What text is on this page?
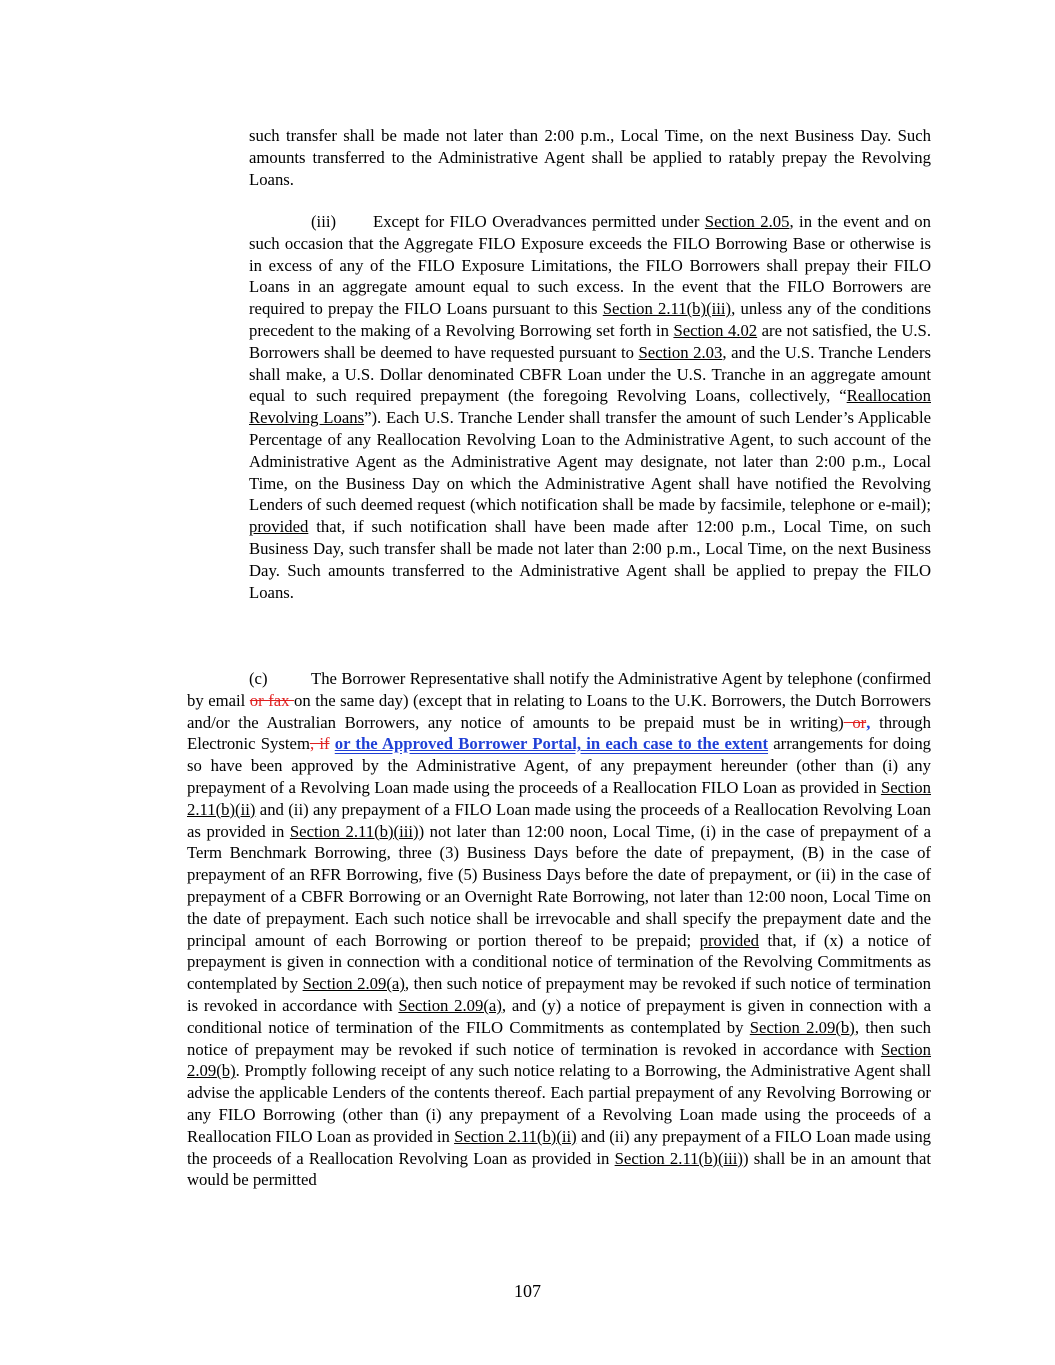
such transfer shall be made not later than 2:00 p.m., Local Time, on the next Business Day. Such amounts transferred to the Administrative Agent shall be applied to ratably prepay the Revolving Loans.
(iii) Except for FILO Overadvances permitted under Section 2.05, in the event and on such occasion that the Aggregate FILO Exposure exceeds the FILO Borrowing Base or otherwise is in excess of any of the FILO Exposure Limitations, the FILO Borrowers shall prepay their FILO Loans in an aggregate amount equal to such excess. In the event that the FILO Borrowers are required to prepay the FILO Loans pursuant to this Section 2.11(b)(iii), unless any of the conditions precedent to the making of a Revolving Borrowing set forth in Section 4.02 are not satisfied, the U.S. Borrowers shall be deemed to have requested pursuant to Section 2.03, and the U.S. Tranche Lenders shall make, a U.S. Dollar denominated CBFR Loan under the U.S. Tranche in an aggregate amount equal to such required prepayment (the foregoing Revolving Loans, collectively, “Reallocation Revolving Loans”). Each U.S. Tranche Lender shall transfer the amount of such Lender’s Applicable Percentage of any Reallocation Revolving Loan to the Administrative Agent, to such account of the Administrative Agent as the Administrative Agent may designate, not later than 2:00 p.m., Local Time, on the Business Day on which the Administrative Agent shall have notified the Revolving Lenders of such deemed request (which notification shall be made by facsimile, telephone or e-mail); provided that, if such notification shall have been made after 12:00 p.m., Local Time, on such Business Day, such transfer shall be made not later than 2:00 p.m., Local Time, on the next Business Day. Such amounts transferred to the Administrative Agent shall be applied to prepay the FILO Loans.
(c)	The Borrower Representative shall notify the Administrative Agent by telephone (confirmed by email or fax on the same day) (except that in relating to Loans to the U.K. Borrowers, the Dutch Borrowers and/or the Australian Borrowers, any notice of amounts to be prepaid must be in writing) or, through Electronic System, if or the Approved Borrower Portal, in each case to the extent arrangements for doing so have been approved by the Administrative Agent, of any prepayment hereunder (other than (i) any prepayment of a Revolving Loan made using the proceeds of a Reallocation FILO Loan as provided in Section 2.11(b)(ii) and (ii) any prepayment of a FILO Loan made using the proceeds of a Reallocation Revolving Loan as provided in Section 2.11(b)(iii)) not later than 12:00 noon, Local Time, (i) in the case of prepayment of a Term Benchmark Borrowing, three (3) Business Days before the date of prepayment, (B) in the case of prepayment of an RFR Borrowing, five (5) Business Days before the date of prepayment, or (ii) in the case of prepayment of a CBFR Borrowing or an Overnight Rate Borrowing, not later than 12:00 noon, Local Time on the date of prepayment. Each such notice shall be irrevocable and shall specify the prepayment date and the principal amount of each Borrowing or portion thereof to be prepaid; provided that, if (x) a notice of prepayment is given in connection with a conditional notice of termination of the Revolving Commitments as contemplated by Section 2.09(a), then such notice of prepayment may be revoked if such notice of termination is revoked in accordance with Section 2.09(a), and (y) a notice of prepayment is given in connection with a conditional notice of termination of the FILO Commitments as contemplated by Section 2.09(b), then such notice of prepayment may be revoked if such notice of termination is revoked in accordance with Section 2.09(b). Promptly following receipt of any such notice relating to a Borrowing, the Administrative Agent shall advise the applicable Lenders of the contents thereof. Each partial prepayment of any Revolving Borrowing or any FILO Borrowing (other than (i) any prepayment of a Revolving Loan made using the proceeds of a Reallocation FILO Loan as provided in Section 2.11(b)(ii) and (ii) any prepayment of a FILO Loan made using the proceeds of a Reallocation Revolving Loan as provided in Section 2.11(b)(iii)) shall be in an amount that would be permitted
107
